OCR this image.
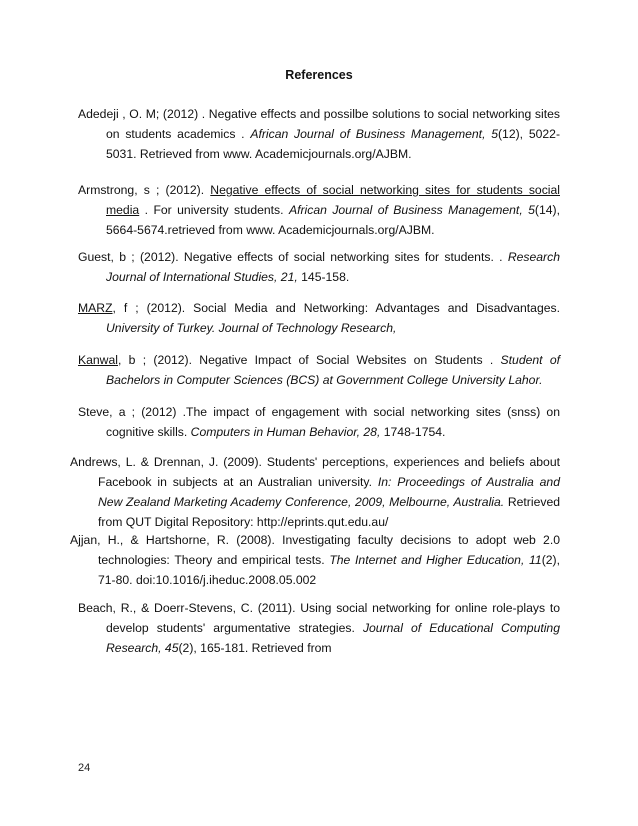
References
Adedeji , O. M; (2012) . Negative effects and possilbe solutions to social networking sites on students academics . African Journal of Business Management, 5(12), 5022-5031. Retrieved from www. Academicjournals.org/AJBM.
Armstrong, s ; (2012). Negative effects of social networking sites for students social media . For university students. African Journal of Business Management, 5(14), 5664-5674.retrieved from www. Academicjournals.org/AJBM.
Guest, b ; (2012). Negative effects of social networking sites for students. . Research Journal of International Studies, 21, 145-158.
MARZ, f ; (2012). Social Media and Networking: Advantages and Disadvantages. University of Turkey. Journal of Technology Research,
Kanwal, b ; (2012). Negative Impact of Social Websites on Students . Student of Bachelors in Computer Sciences (BCS) at Government College University Lahor.
Steve, a ; (2012) .The impact of engagement with social networking sites (snss) on cognitive skills. Computers in Human Behavior, 28, 1748-1754.
Andrews, L. & Drennan, J. (2009). Students' perceptions, experiences and beliefs about Facebook in subjects at an Australian university. In: Proceedings of Australia and New Zealand Marketing Academy Conference, 2009, Melbourne, Australia. Retrieved from QUT Digital Repository: http://eprints.qut.edu.au/
Ajjan, H., & Hartshorne, R. (2008). Investigating faculty decisions to adopt web 2.0 technologies: Theory and empirical tests. The Internet and Higher Education, 11(2), 71-80. doi:10.1016/j.iheduc.2008.05.002
Beach, R., & Doerr-Stevens, C. (2011). Using social networking for online role-plays to develop students' argumentative strategies. Journal of Educational Computing Research, 45(2), 165-181. Retrieved from
24
